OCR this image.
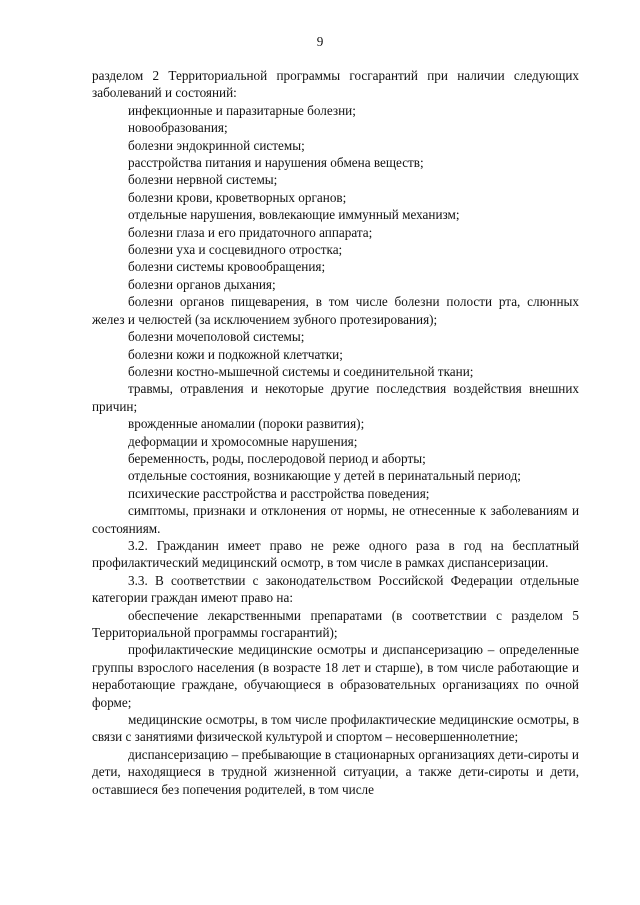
9

разделом 2 Территориальной программы госгарантий при наличии следующих заболеваний и состояний:

инфекционные и паразитарные болезни;

новообразования;

болезни эндокринной системы;

расстройства питания и нарушения обмена веществ;

болезни нервной системы;

болезни крови, кроветворных органов;

отдельные нарушения, вовлекающие иммунный механизм;

болезни глаза и его придаточного аппарата;

болезни уха и сосцевидного отростка;

болезни системы кровообращения;

болезни органов дыхания;

болезни органов пищеварения, в том числе болезни полости рта, слюнных желез и челюстей (за исключением зубного протезирования);

болезни мочеполовой системы;

болезни кожи и подкожной клетчатки;

болезни костно-мышечной системы и соединительной ткани;

травмы, отравления и некоторые другие последствия воздействия внешних причин;

врожденные аномалии (пороки развития);

деформации и хромосомные нарушения;

беременность, роды, послеродовой период и аборты;

отдельные состояния, возникающие у детей в перинатальный период;

психические расстройства и расстройства поведения;

симптомы, признаки и отклонения от нормы, не отнесенные к заболеваниям и состояниям.

3.2. Гражданин имеет право не реже одного раза в год на бесплатный профилактический медицинский осмотр, в том числе в рамках диспансеризации.

3.3. В соответствии с законодательством Российской Федерации отдельные категории граждан имеют право на:

обеспечение лекарственными препаратами (в соответствии с разделом 5 Территориальной программы госгарантий);

профилактические медицинские осмотры и диспансеризацию – определенные группы взрослого населения (в возрасте 18 лет и старше), в том числе работающие и неработающие граждане, обучающиеся в образовательных организациях по очной форме;

медицинские осмотры, в том числе профилактические медицинские осмотры, в связи с занятиями физической культурой и спортом – несовершеннолетние;

диспансеризацию – пребывающие в стационарных организациях дети-сироты и дети, находящиеся в трудной жизненной ситуации, а также дети-сироты и дети, оставшиеся без попечения родителей, в том числе
